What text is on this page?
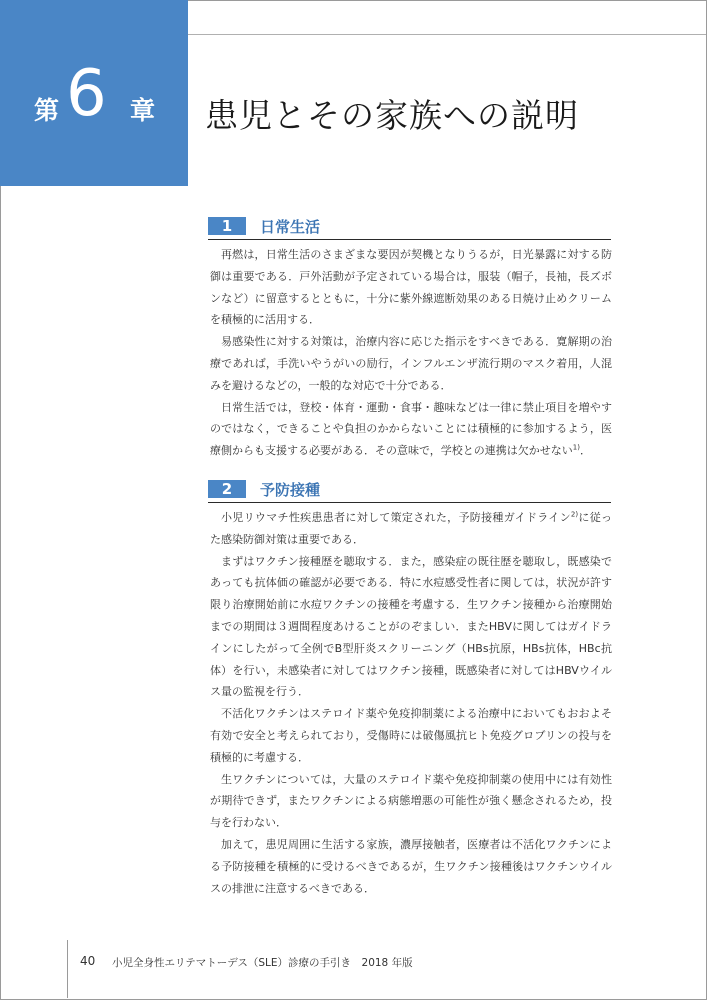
第 6 章 患児とその家族への説明
1	日常生活

再燃は，日常生活のさまざまな要因が契機となりうるが，日光暴露に対する防御は重要である．戸外活動が予定されている場合は，服装（帽子，長袖，長ズボンなど）に留意するとともに，十分に紫外線遮断効果のある日焼け止めクリームを積極的に活用する．

易感染性に対する対策は，治療内容に応じた指示をすべきである．寛解期の治療であれば，手洗いやうがいの励行，インフルエンザ流行期のマスク着用，人混みを避けるなどの，一般的な対応で十分である．

日常生活では，登校・体育・運動・食事・趣味などは一律に禁止項目を増やすのではなく，できることや負担のかからないことには積極的に参加するよう，医療側からも支援する必要がある．その意味で，学校との連携は欠かせない$^{1)}$．

2	予防接種

小児リウマチ性疾患患者に対して策定された，予防接種ガイドライン$^{2)}$に従った感染防御対策は重要である．

まずはワクチン接種歴を聴取する．また，感染症の既往歴を聴取し，既感染であっても抗体価の確認が必要である．特に水痘感受性者に関しては，状況が許す限り治療開始前に水痘ワクチンの接種を考慮する．生ワクチン接種から治療開始までの期間は３週間程度あけることがのぞましい．またHBVに関してはガイドラインにしたがって全例でB型肝炎スクリーニング（HBs抗原，HBs抗体，HBc抗体）を行い，未感染者に対してはワクチン接種，既感染者に対してはHBVウイルス量の監視を行う．

不活化ワクチンはステロイド薬や免疫抑制薬による治療中においてもおおよそ有効で安全と考えられており，受傷時には破傷風抗ヒト免疫グロブリンの投与を積極的に考慮する．

生ワクチンについては，大量のステロイド薬や免疫抑制薬の使用中には有効性が期待できず，またワクチンによる病態増悪の可能性が強く懸念されるため，投与を行わない．

加えて，患児周囲に生活する家族，濃厚接触者，医療者は不活化ワクチンによる予防接種を積極的に受けるべきであるが，生ワクチン接種後はワクチンウイルスの排泄に注意するべきである．

40 小児全身性エリテマトーデス（SLE）診療の手引き　2018 年版
